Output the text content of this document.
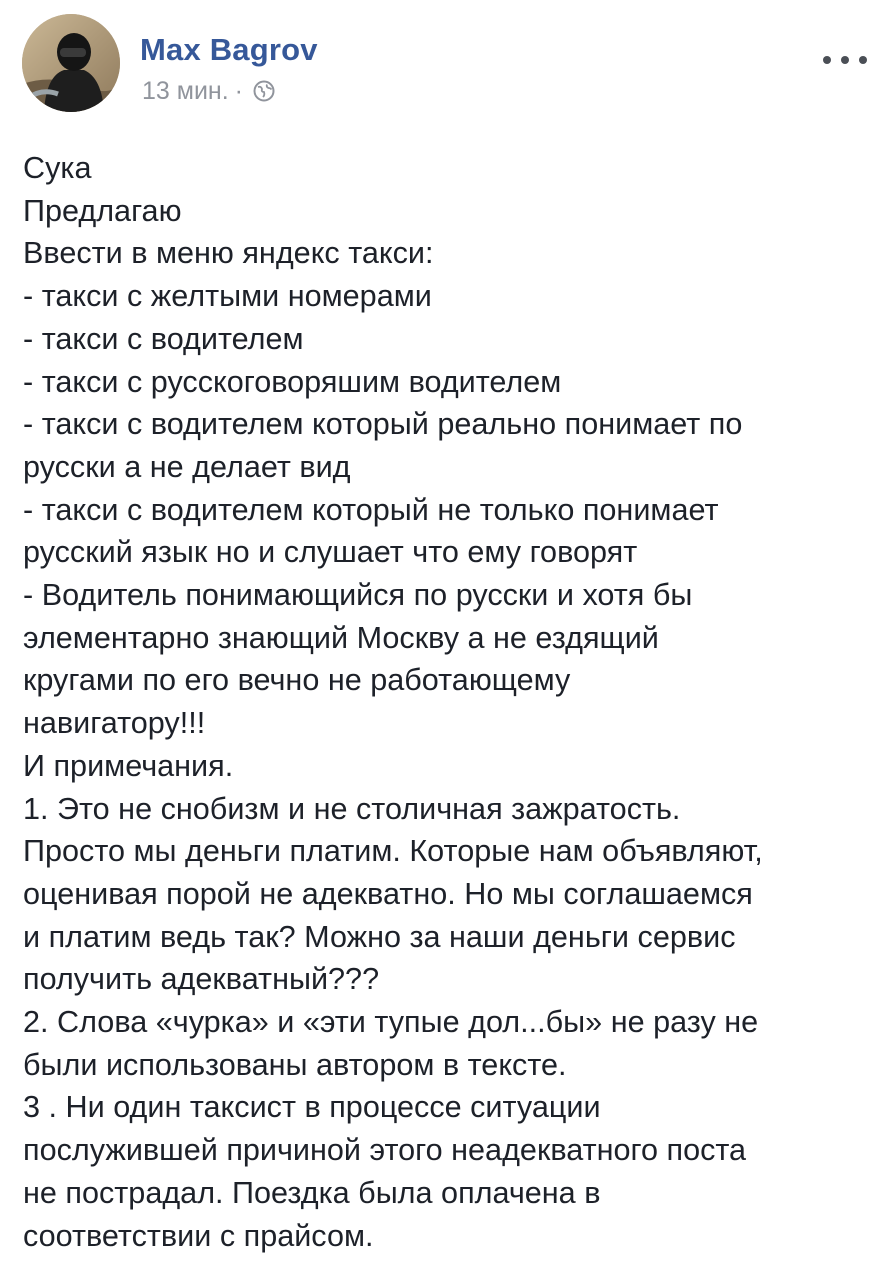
Max Bagrov
13 мин. ·
Сука
Предлагаю
Ввести в меню яндекс такси:
- такси с желтыми номерами
- такси с водителем
- такси с русскоговоряшим водителем
- такси с водителем который реально понимает по
русски а не делает вид
- такси с водителем который не только понимает
русский язык но и слушает что ему говорят
- Водитель понимающийся по русски и хотя бы
элементарно знающий Москву а не ездящий
кругами по его вечно не работающему
навигатору!!!
И примечания.
1. Это не снобизм и не столичная зажратость.
Просто мы деньги платим. Которые нам объявляют,
оценивая порой не адекватно. Но мы соглашаемся
и платим ведь так? Можно за наши деньги сервис
получить адекватный???
2. Слова «чурка» и «эти тупые дол...бы» не разу не
были использованы автором в тексте.
3 . Ни один таксист в процессе ситуации
послужившей причиной этого неадекватного поста
не пострадал. Поездка была оплачена в
соответствии с прайсом.
